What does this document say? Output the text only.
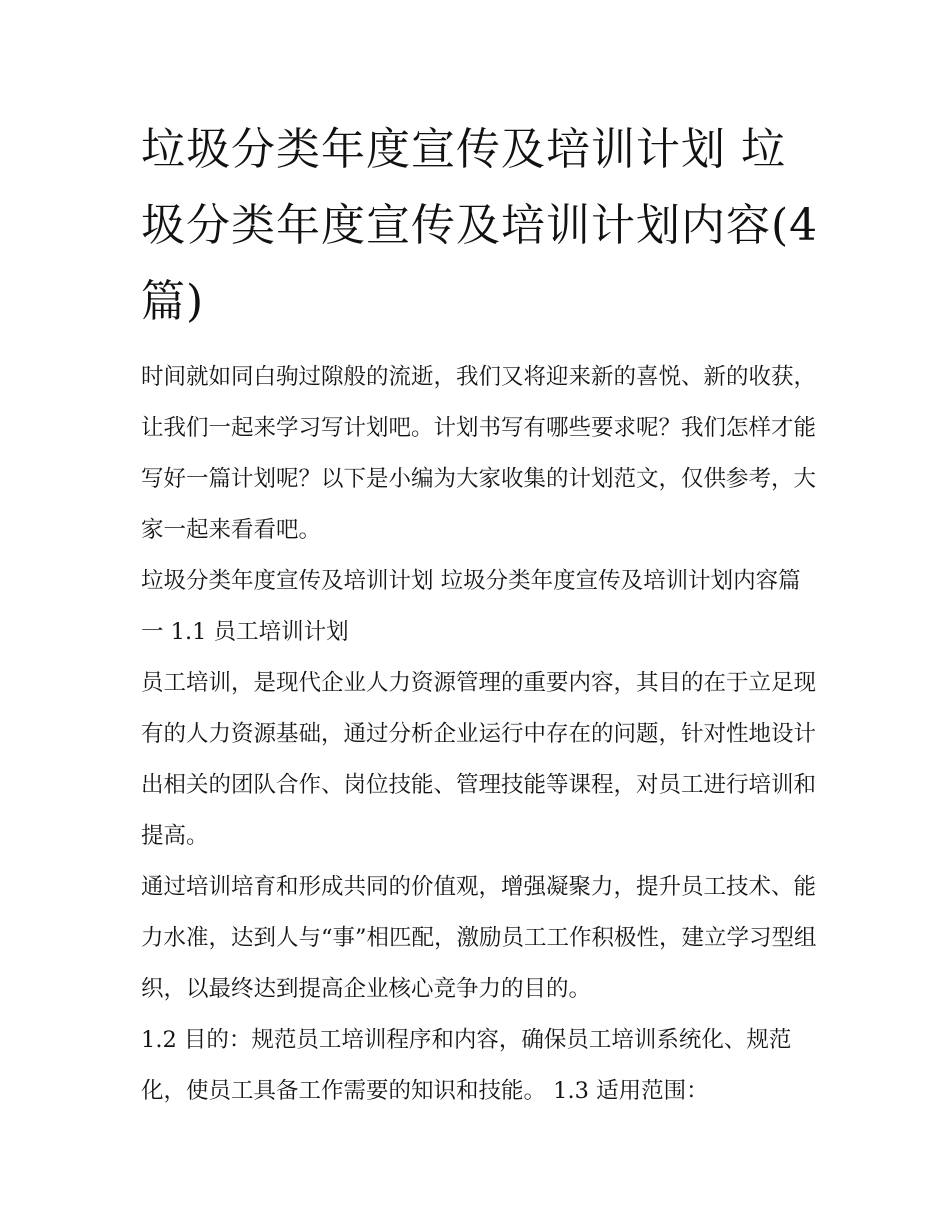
垃圾分类年度宣传及培训计划 垃圾分类年度宣传及培训计划内容(4篇)

时间就如同白驹过隙般的流逝，我们又将迎来新的喜悦、新的收获，让我们一起来学习写计划吧。计划书写有哪些要求呢？我们怎样才能写好一篇计划呢？以下是小编为大家收集的计划范文，仅供参考，大家一起来看看吧。

垃圾分类年度宣传及培训计划 垃圾分类年度宣传及培训计划内容篇一 1.1 员工培训计划

员工培训，是现代企业人力资源管理的重要内容，其目的在于立足现有的人力资源基础，通过分析企业运行中存在的问题，针对性地设计出相关的团队合作、岗位技能、管理技能等课程，对员工进行培训和提高。

通过培训培育和形成共同的价值观，增强凝聚力，提升员工技术、能力水准，达到人与“事”相匹配，激励员工工作积极性，建立学习型组织，以最终达到提高企业核心竞争力的目的。

1.2 目的：规范员工培训程序和内容，确保员工培训系统化、规范化，使员工具备工作需要的知识和技能。 1.3 适用范围：
